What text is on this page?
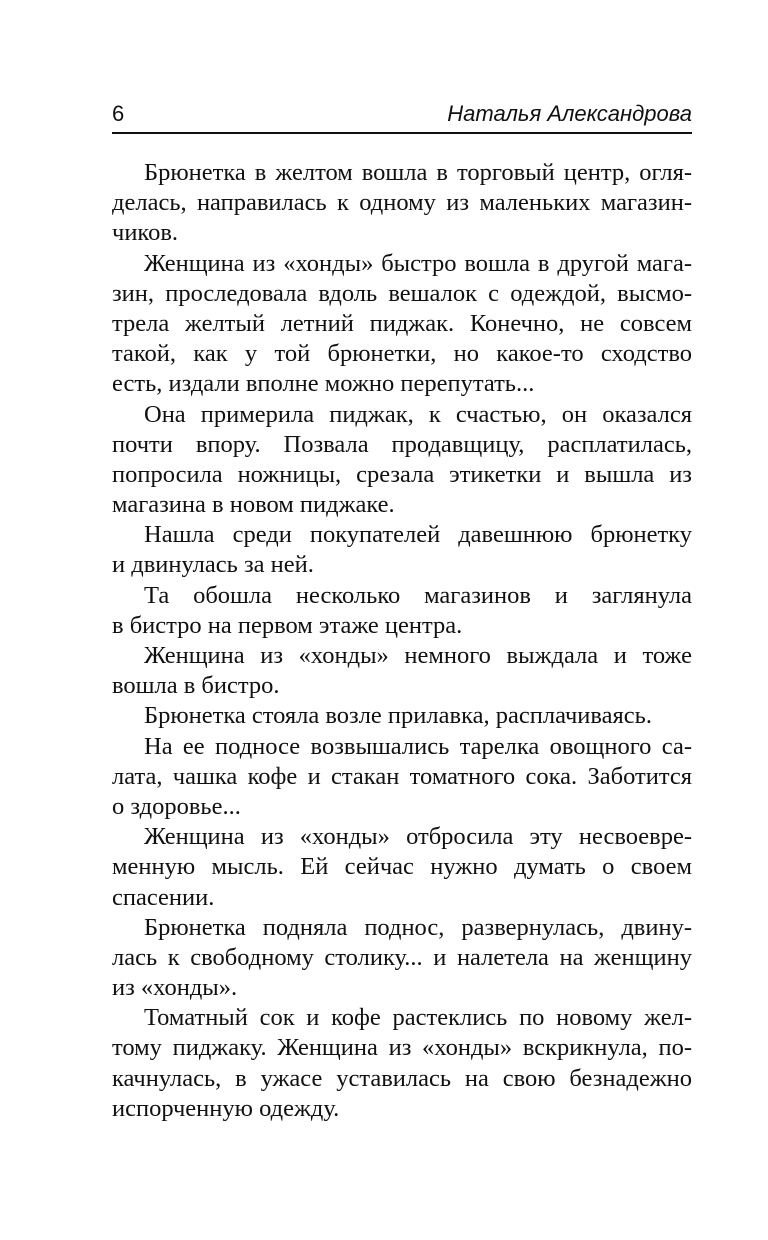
6	Наталья Александрова
Брюнетка в желтом вошла в торговый центр, огля-
делась, направилась к одному из маленьких магазин-
чиков.
Женщина из «хонды» быстро вошла в другой мага-
зин, проследовала вдоль вешалок с одеждой, высмо-
трела желтый летний пиджак. Конечно, не совсем
такой, как у той брюнетки, но какое-то сходство
есть, издали вполне можно перепутать...
Она примерила пиджак, к счастью, он оказался
почти впору. Позвала продавщицу, расплатилась,
попросила ножницы, срезала этикетки и вышла из
магазина в новом пиджаке.
Нашла среди покупателей давешнюю брюнетку
и двинулась за ней.
Та обошла несколько магазинов и заглянула
в бистро на первом этаже центра.
Женщина из «хонды» немного выждала и тоже
вошла в бистро.
Брюнетка стояла возле прилавка, расплачиваясь.
На ее подносе возвышались тарелка овощного са-
лата, чашка кофе и стакан томатного сока. Заботится
о здоровье...
Женщина из «хонды» отбросила эту несвоевре-
менную мысль. Ей сейчас нужно думать о своем
спасении.
Брюнетка подняла поднос, развернулась, двину-
лась к свободному столику... и налетела на женщину
из «хонды».
Томатный сок и кофе растеклись по новому жел-
тому пиджаку. Женщина из «хонды» вскрикнула, по-
качнулась, в ужасе уставилась на свою безнадежно
испорченную одежду.
